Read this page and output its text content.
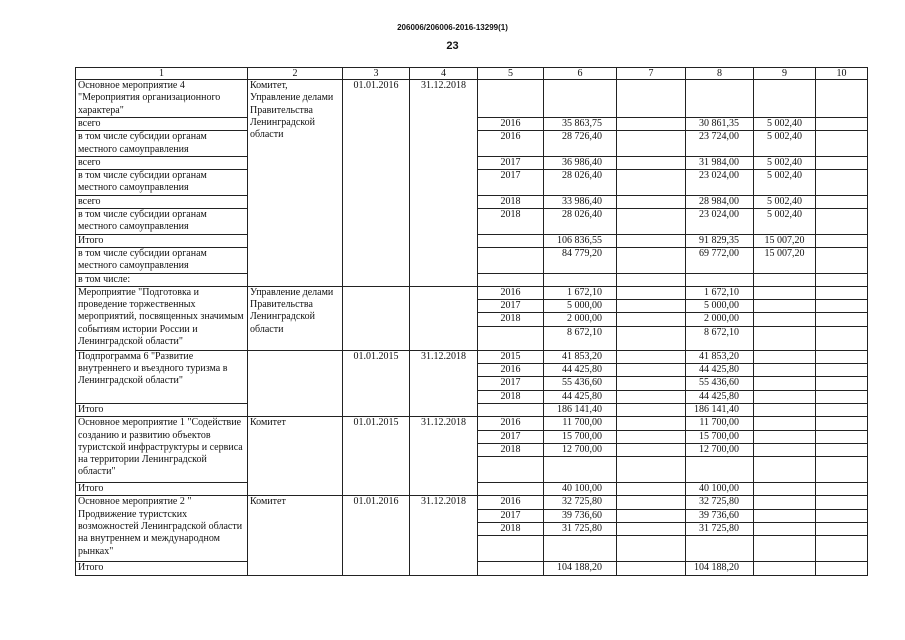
206006/206006-2016-13299(1)
23
1	2	3	4	5	6	7	8	9	10
Основное мероприятие 4 "Мероприятия организационного характера"	Комитет, Управление делами Правительства Ленинградской области	01.01.2016	31.12.2018						
всего				2016	35 863,75		30 861,35	5 002,40	
в том числе субсидии органам местного самоуправления				2016	28 726,40		23 724,00	5 002,40	
всего				2017	36 986,40		31 984,00	5 002,40	
в том числе субсидии органам местного самоуправления				2017	28 026,40		23 024,00	5 002,40	
всего				2018	33 986,40		28 984,00	5 002,40	
в том числе субсидии органам местного самоуправления				2018	28 026,40		23 024,00	5 002,40	
Итого					106 836,55		91 829,35	15 007,20	
в том числе субсидии органам местного самоуправления					84 779,20		69 772,00	15 007,20	
в том числе:									
Мероприятие "Подготовка и проведение торжественных мероприятий, посвященных значимым событиям истории России и Ленинградской области"	Управление делами Правительства Ленинградской области			2016	1 672,10		1 672,10		
				2017	5 000,00		5 000,00		
				2018	2 000,00		2 000,00		
					8 672,10		8 672,10		
Подпрограмма 6 "Развитие внутреннего и въездного туризма в Ленинградской области"		01.01.2015	31.12.2018	2015	41 853,20		41 853,20		
				2016	44 425,80		44 425,80		
				2017	55 436,60		55 436,60		
				2018	44 425,80		44 425,80		
Итого					186 141,40		186 141,40		
Основное мероприятие 1 "Содействие созданию и развитию объектов туристской инфраструктуры и сервиса на территории Ленинградской области"	Комитет	01.01.2015	31.12.2018	2016	11 700,00		11 700,00		
				2017	15 700,00		15 700,00		
				2018	12 700,00		12 700,00		

Итого					40 100,00		40 100,00		
Основное мероприятие 2 " Продвижение туристских возможностей Ленинградской области на внутреннем и международном рынках"	Комитет	01.01.2016	31.12.2018	2016	32 725,80		32 725,80		
				2017	39 736,60		39 736,60		
				2018	31 725,80		31 725,80		

Итого					104 188,20		104 188,20		
